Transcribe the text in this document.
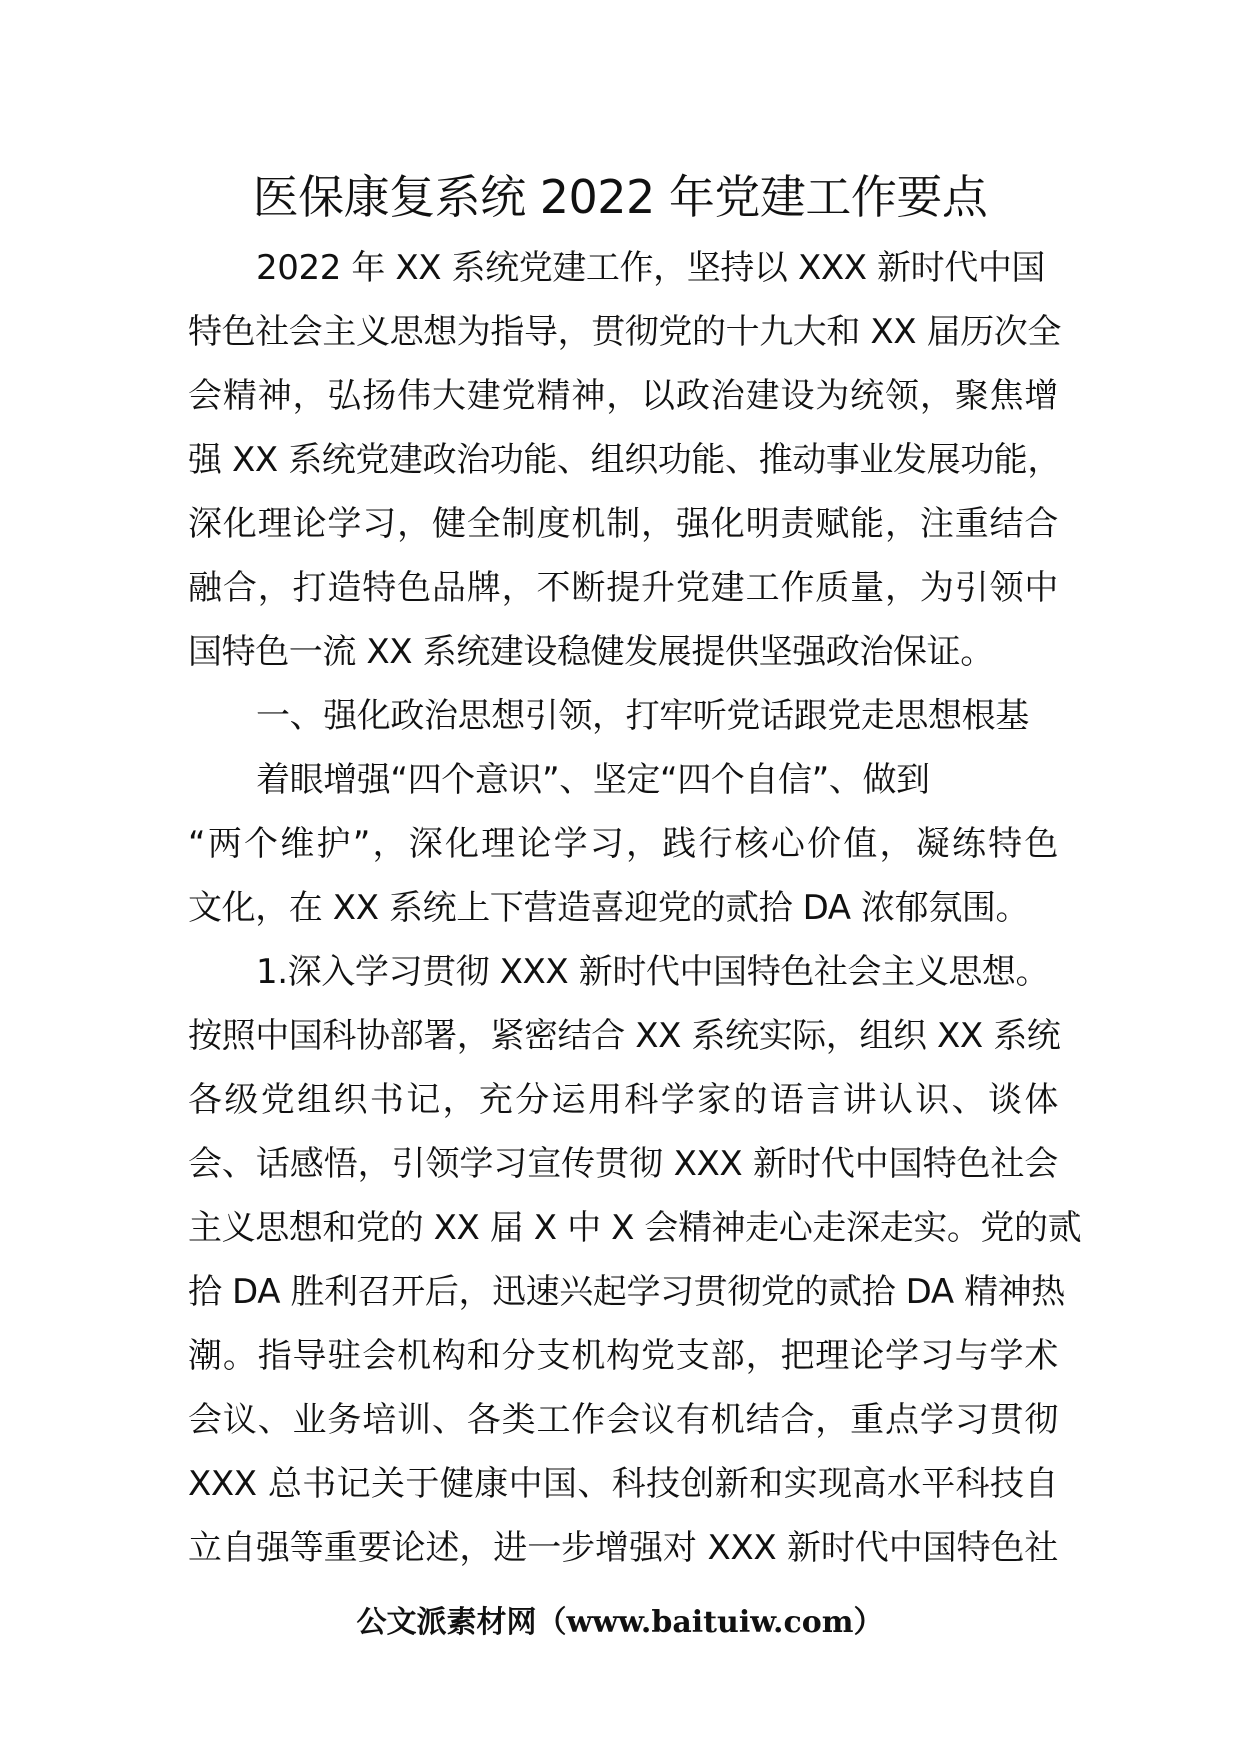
医保康复系统 2022 年党建工作要点
2022 年 XX 系统党建工作，坚持以 XXX 新时代中国
特色社会主义思想为指导，贯彻党的十九大和 XX 届历次全
会精神，弘扬伟大建党精神，以政治建设为统领，聚焦增
强 XX 系统党建政治功能、组织功能、推动事业发展功能，
深化理论学习，健全制度机制，强化明责赋能，注重结合
融合，打造特色品牌，不断提升党建工作质量，为引领中
国特色一流 XX 系统建设稳健发展提供坚强政治保证。
一、强化政治思想引领，打牢听党话跟党走思想根基
着眼增强“四个意识”、坚定“四个自信”、做到
“两个维护”，深化理论学习，践行核心价值，凝练特色
文化，在 XX 系统上下营造喜迎党的贰拾 DA 浓郁氛围。
1.深入学习贯彻 XXX 新时代中国特色社会主义思想。
按照中国科协部署，紧密结合 XX 系统实际，组织 XX 系统
各级党组织书记，充分运用科学家的语言讲认识、谈体
会、话感悟，引领学习宣传贯彻 XXX 新时代中国特色社会
主义思想和党的 XX 届 X 中 X 会精神走心走深走实。党的贰
拾 DA 胜利召开后，迅速兴起学习贯彻党的贰拾 DA 精神热
潮。指导驻会机构和分支机构党支部，把理论学习与学术
会议、业务培训、各类工作会议有机结合，重点学习贯彻
XXX 总书记关于健康中国、科技创新和实现高水平科技自
立自强等重要论述，进一步增强对 XXX 新时代中国特色社
公文派素材网（www.baituiw.com）
